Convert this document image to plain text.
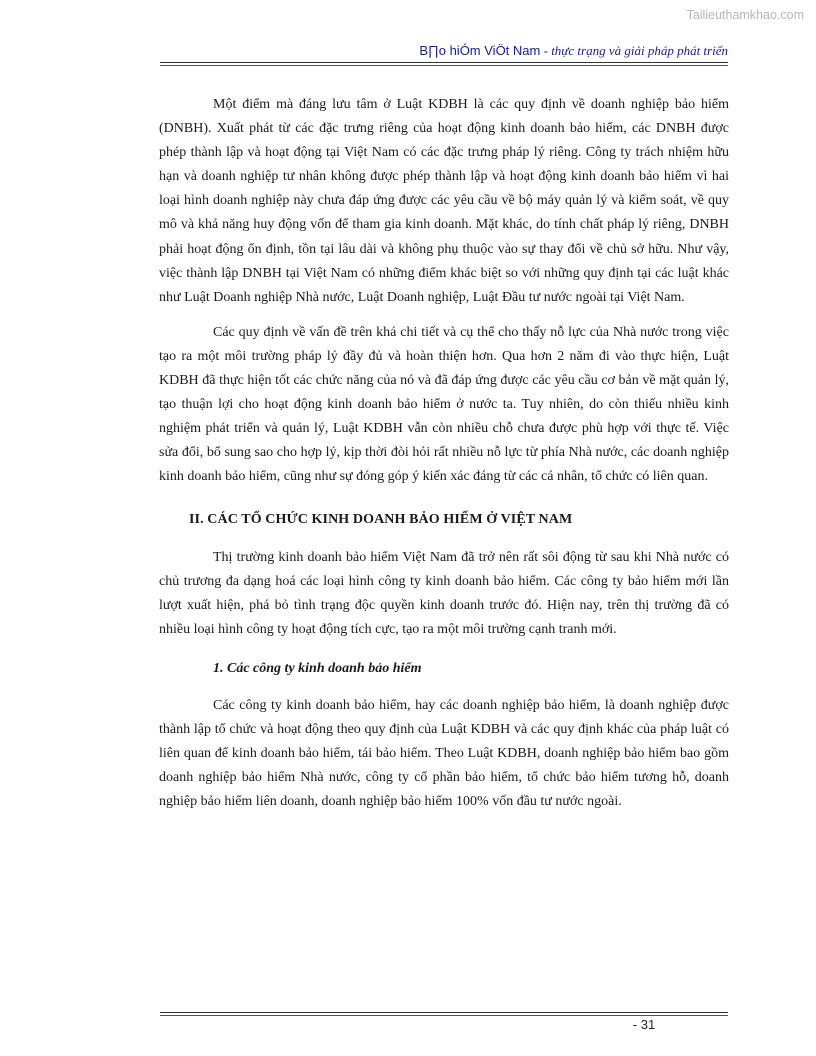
Tailieuthamkhao.com
B∏o hiÓm ViÖt Nam - thực trạng và giải pháp phát triển

Một điểm mà đáng lưu tâm ở Luật KDBH là các quy định về doanh nghiệp bảo hiểm (DNBH). Xuất phát từ các đặc trưng riêng của hoạt động kinh doanh bảo hiểm, các DNBH được phép thành lập và hoạt động tại Việt Nam có các đặc trưng pháp lý riêng. Công ty trách nhiệm hữu hạn và doanh nghiệp tư nhân không được phép thành lập và hoạt động kinh doanh bảo hiểm vì hai loại hình doanh nghiệp này chưa đáp ứng được các yêu cầu về bộ máy quản lý và kiểm soát, về quy mô và khả năng huy động vốn để tham gia kinh doanh. Mặt khác, do tính chất pháp lý riêng, DNBH phải hoạt động ổn định, tồn tại lâu dài và không phụ thuộc vào sự thay đổi về chủ sở hữu. Như vậy, việc thành lập DNBH tại Việt Nam có những điểm khác biệt so với những quy định tại các luật khác như Luật Doanh nghiệp Nhà nước, Luật Doanh nghiệp, Luật Đầu tư nước ngoài tại Việt Nam.

Các quy định về vấn đề trên khá chi tiết và cụ thể cho thấy nỗ lực của Nhà nước trong việc tạo ra một môi trường pháp lý đầy đủ và hoàn thiện hơn. Qua hơn 2 năm đi vào thực hiện, Luật KDBH đã thực hiện tốt các chức năng của nó và đã đáp ứng được các yêu cầu cơ bản về mặt quản lý, tạo thuận lợi cho hoạt động kinh doanh bảo hiểm ở nước ta. Tuy nhiên, do còn thiếu nhiều kinh nghiệm phát triển và quản lý, Luật KDBH vẫn còn nhiều chỗ chưa được phù hợp với thực tế. Việc sửa đổi, bổ sung sao cho hợp lý, kịp thời đòi hỏi rất nhiều nỗ lực từ phía Nhà nước, các doanh nghiệp kinh doanh bảo hiểm, cũng như sự đóng góp ý kiến xác đáng từ các cá nhân, tổ chức có liên quan.

II. CÁC TỔ CHỨC KINH DOANH BẢO HIỂM Ở VIỆT NAM

Thị trường kinh doanh bảo hiểm Việt Nam đã trở nên rất sôi động từ sau khi Nhà nước có chủ trương đa dạng hoá các loại hình công ty kinh doanh bảo hiểm. Các công ty bảo hiểm mới lần lượt xuất hiện, phá bỏ tình trạng độc quyền kinh doanh trước đó. Hiện nay, trên thị trường đã có nhiều loại hình công ty hoạt động tích cực, tạo ra một môi trường cạnh tranh mới.

1. Các công ty kinh doanh bảo hiểm

Các công ty kinh doanh bảo hiểm, hay các doanh nghiệp bảo hiểm, là doanh nghiệp được thành lập tổ chức và hoạt động theo quy định của Luật KDBH và các quy định khác của pháp luật có liên quan để kinh doanh bảo hiểm, tái bảo hiểm. Theo Luật KDBH, doanh nghiệp bảo hiểm bao gồm doanh nghiệp bảo hiểm Nhà nước, công ty cổ phần bảo hiểm, tổ chức bảo hiểm tương hỗ, doanh nghiệp bảo hiểm liên doanh, doanh nghiệp bảo hiểm 100% vốn đầu tư nước ngoài.

- 31
